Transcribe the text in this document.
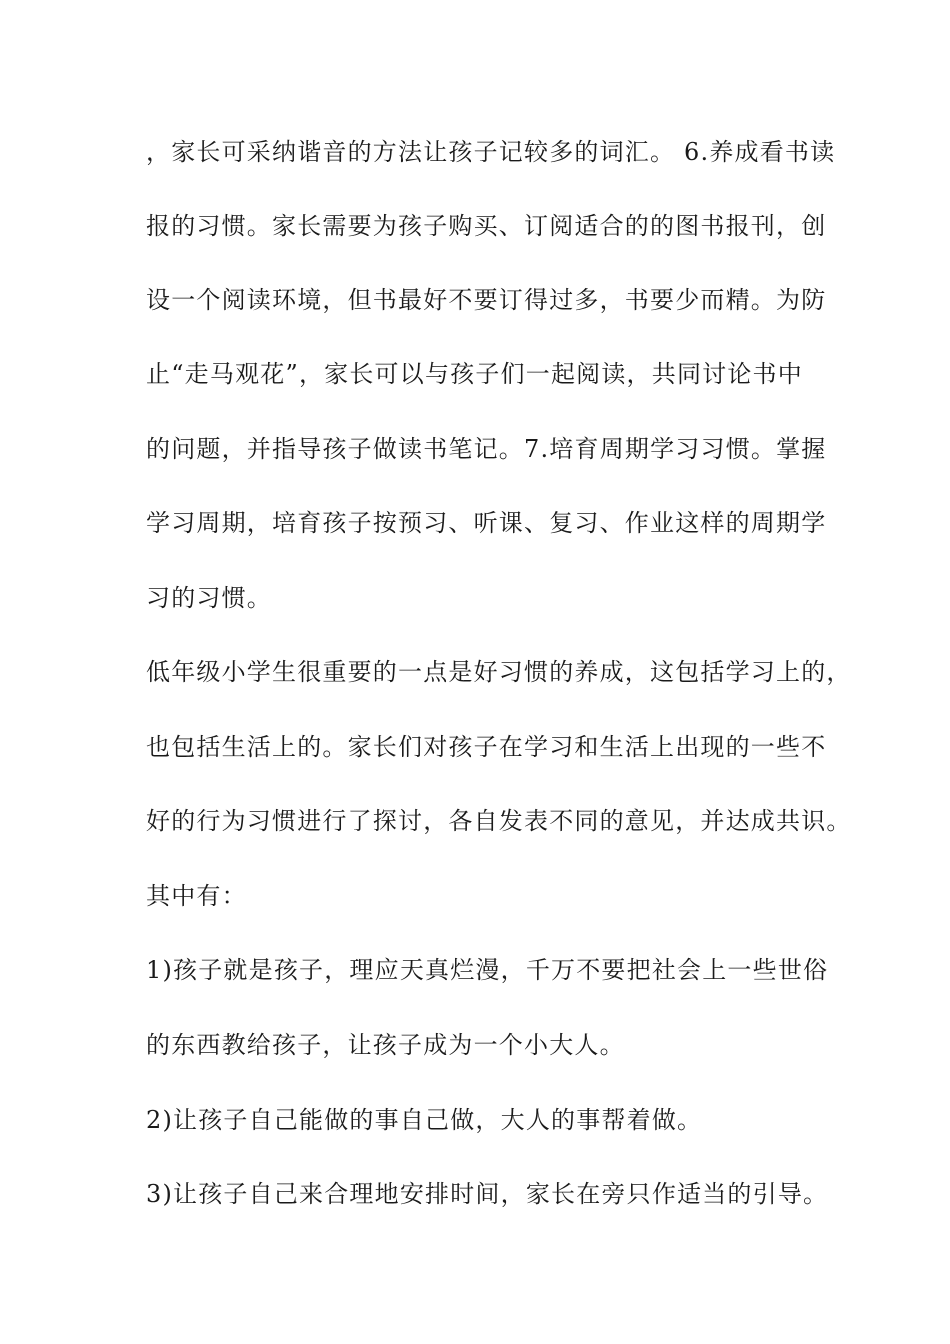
，家长可采纳谐音的方法让孩子记较多的词汇。 6.养成看书读
报的习惯。家长需要为孩子购买、订阅适合的的图书报刊，创
设一个阅读环境，但书最好不要订得过多，书要少而精。为防
止“走马观花”，家长可以与孩子们一起阅读，共同讨论书中
的问题，并指导孩子做读书笔记。7.培育周期学习习惯。掌握
学习周期，培育孩子按预习、听课、复习、作业这样的周期学
习的习惯。
低年级小学生很重要的一点是好习惯的养成，这包括学习上的，
也包括生活上的。家长们对孩子在学习和生活上出现的一些不
好的行为习惯进行了探讨，各自发表不同的意见，并达成共识。
其中有：
1)孩子就是孩子，理应天真烂漫，千万不要把社会上一些世俗
的东西教给孩子，让孩子成为一个小大人。
2)让孩子自己能做的事自己做，大人的事帮着做。
3)让孩子自己来合理地安排时间，家长在旁只作适当的引导。
